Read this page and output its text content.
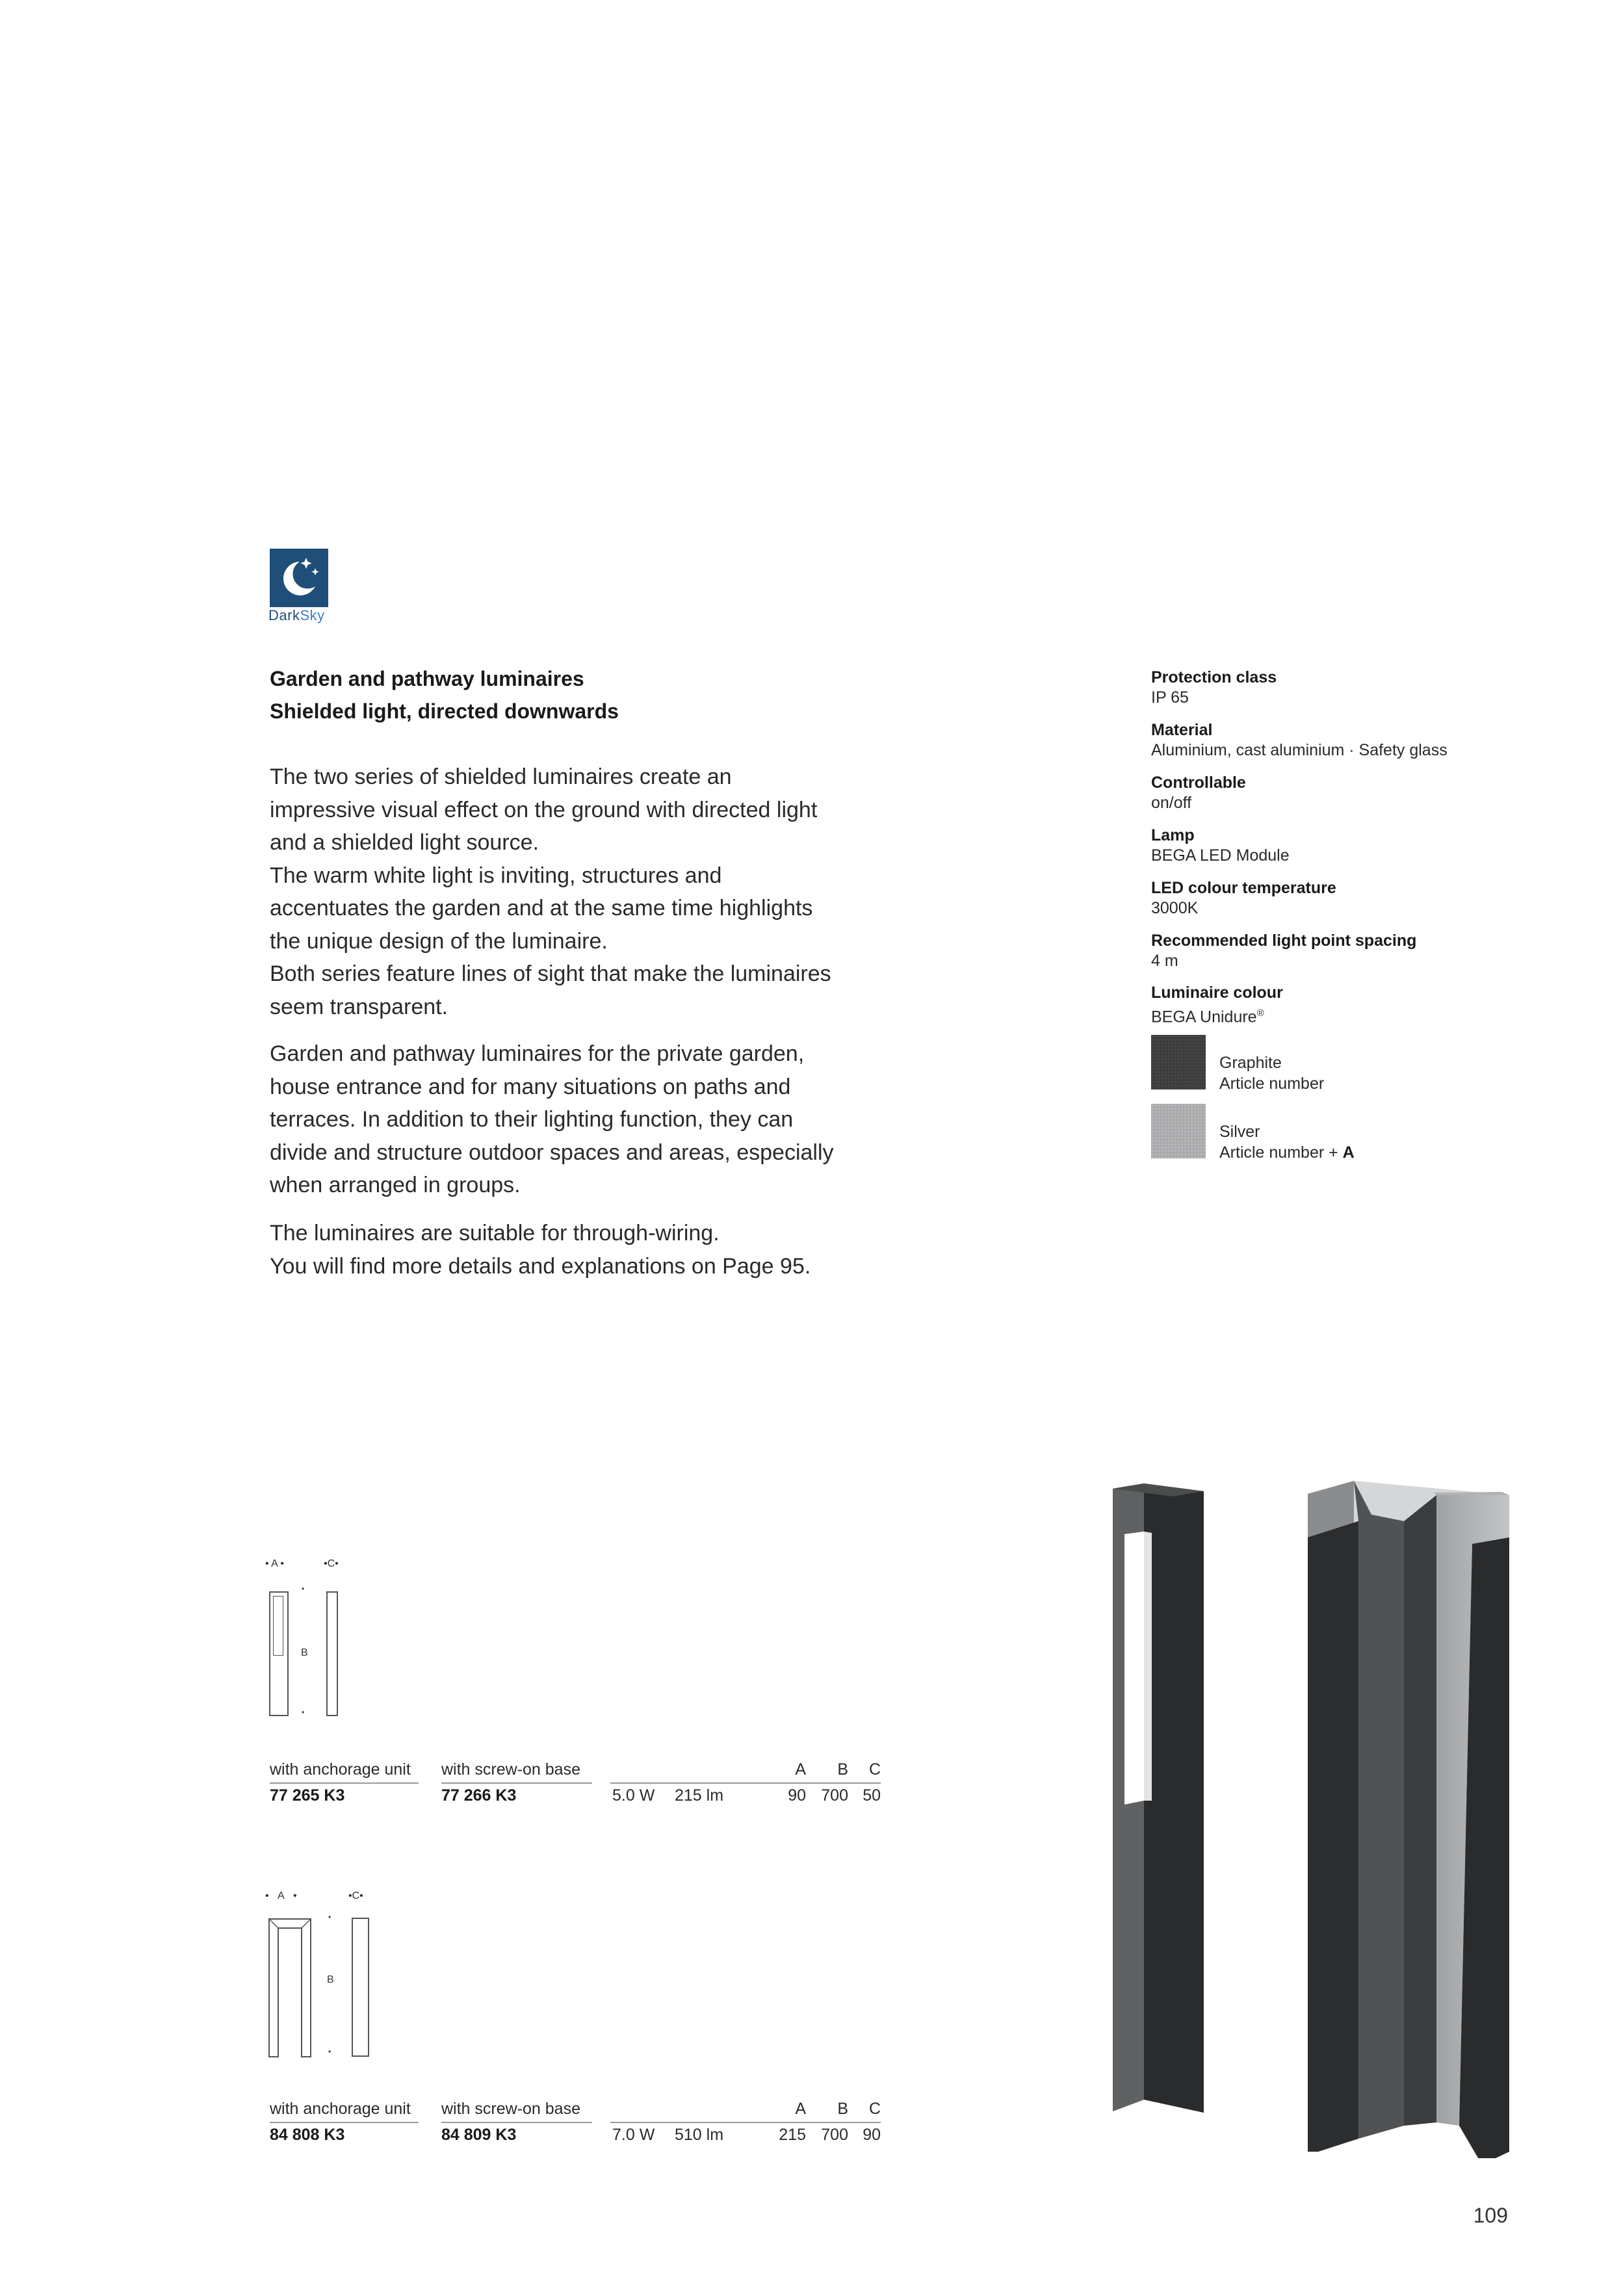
DarkSky
Garden and pathway luminaires
Shielded light, directed downwards
The two series of shielded luminaires create an
impressive visual effect on the ground with directed light
and a shielded light source.
The warm white light is inviting, structures and
accentuates the garden and at the same time highlights
the unique design of the luminaire.
Both series feature lines of sight that make the luminaires
seem transparent.
Garden and pathway luminaires for the private garden,
house entrance and for many situations on paths and
terraces. In addition to their lighting function, they can
divide and structure outdoor spaces and areas, especially
when arranged in groups.
The luminaires are suitable for through-wiring.
You will find more details and explanations on Page 95.
Protection class
IP 65
Material
Aluminium, cast aluminium · Safety glass
Controllable
on/off
Lamp
BEGA LED Module
LED colour temperature
3000K
Recommended light point spacing
4 m
Luminaire colour
BEGA Unidure®
Graphite
Article number
Silver
Article number + A
• A •	•C•
B
•
•
with anchorage unit with screw-on base	A	B	C
77 265 K3	77 266 K3	5.0 W 215 lm	90 700 50
•   A   •	•C•
B
•
•
with anchorage unit with screw-on base	A	B	C
84 808 K3	84 809 K3	7.0 W 510 lm	215 700 90
109
